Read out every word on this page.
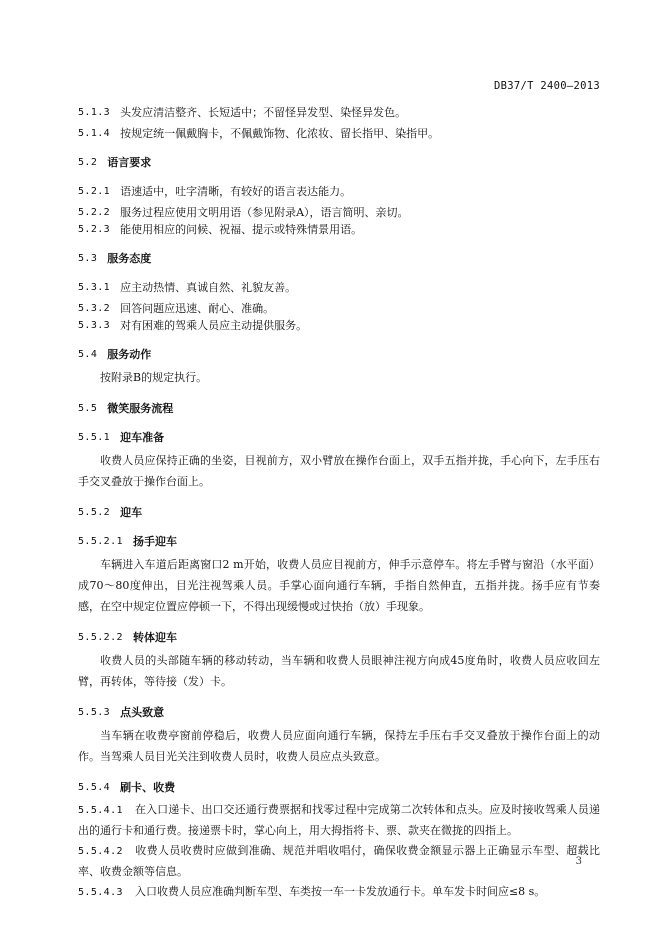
DB37/T 2400—2013
5.1.3 头发应清洁整齐、长短适中；不留怪异发型、染怪异发色。
5.1.4 按规定统一佩戴胸卡，不佩戴饰物、化浓妆、留长指甲、染指甲。
5.2 语言要求
5.2.1 语速适中，吐字清晰，有较好的语言表达能力。
5.2.2 服务过程应使用文明用语（参见附录A），语言简明、亲切。
5.2.3 能使用相应的问候、祝福、提示或特殊情景用语。
5.3 服务态度
5.3.1 应主动热情、真诚自然、礼貌友善。
5.3.2 回答问题应迅速、耐心、准确。
5.3.3 对有困难的驾乘人员应主动提供服务。
5.4 服务动作
按附录B的规定执行。
5.5 微笑服务流程
5.5.1 迎车准备
收费人员应保持正确的坐姿，目视前方，双小臂放在操作台面上，双手五指并拢，手心向下，左手压右手交叉叠放于操作台面上。
5.5.2 迎车
5.5.2.1 扬手迎车
车辆进入车道后距离窗口2 m开始，收费人员应目视前方，伸手示意停车。将左手臂与窗沿（水平面）成70～80度伸出，目光注视驾乘人员。手掌心面向通行车辆，手指自然伸直，五指并拢。扬手应有节奏感，在空中规定位置应停顿一下，不得出现缓慢或过快抬（放）手现象。
5.5.2.2 转体迎车
收费人员的头部随车辆的移动转动，当车辆和收费人员眼神注视方向成45度角时，收费人员应收回左臂，再转体，等待接（发）卡。
5.5.3 点头致意
当车辆在收费亭窗前停稳后，收费人员应面向通行车辆，保持左手压右手交叉叠放于操作台面上的动作。当驾乘人员目光关注到收费人员时，收费人员应点头致意。
5.5.4 刷卡、收费
5.5.4.1 在入口递卡、出口交还通行费票据和找零过程中完成第二次转体和点头。应及时接收驾乘人员递出的通行卡和通行费。接递票卡时，掌心向上，用大拇指将卡、票、款夹在微拢的四指上。
5.5.4.2 收费人员收费时应做到准确、规范并唱收唱付，确保收费金额显示器上正确显示车型、超载比率、收费金额等信息。
5.5.4.3 入口收费人员应准确判断车型、车类按一车一卡发放通行卡。单车发卡时间应≤8 s。
3
